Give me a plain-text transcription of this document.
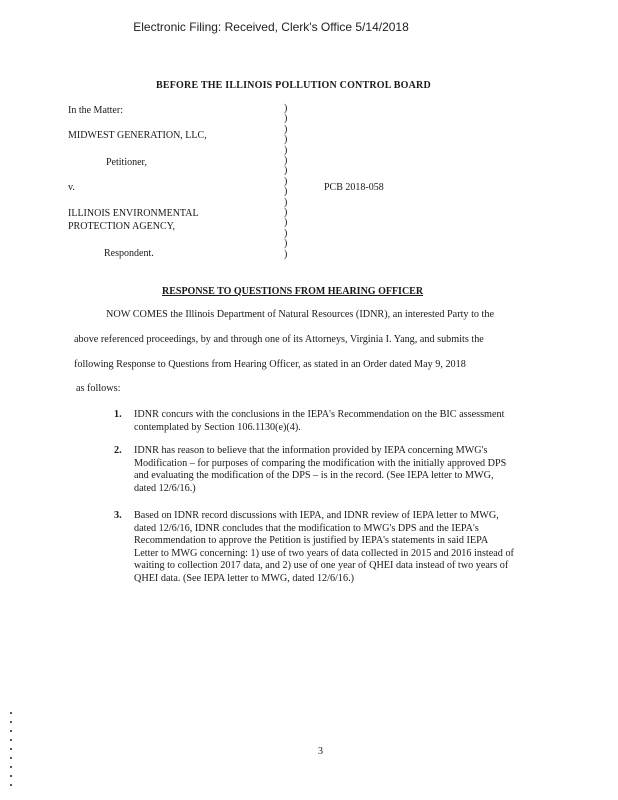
Electronic Filing: Received, Clerk's Office 5/14/2018
BEFORE THE ILLINOIS POLLUTION CONTROL BOARD
In the Matter:
MIDWEST GENERATION, LLC,
Petitioner,
v.
ILLINOIS ENVIRONMENTAL
PROTECTION AGENCY,
Respondent.
PCB 2018-058
)
)
)
)
)
)
)
)
)
)
)
)
)
)
)
RESPONSE TO QUESTIONS FROM HEARING OFFICER
NOW COMES the Illinois Department of Natural Resources (IDNR), an interested Party to the
above referenced proceedings, by and through one of its Attorneys, Virginia I. Yang, and submits the
following Response to Questions from Hearing Officer, as stated in an Order dated May 9, 2018
as follows:
1. IDNR concurs with the conclusions in the IEPA's Recommendation on the BIC assessment
contemplated by Section 106.1130(e)(4).
2. IDNR has reason to believe that the information provided by IEPA concerning MWG's
Modification – for purposes of comparing the modification with the initially approved DPS
and evaluating the modification of the DPS – is in the record. (See IEPA letter to MWG,
dated 12/6/16.)
3. Based on IDNR record discussions with IEPA, and IDNR review of IEPA letter to MWG,
dated 12/6/16, IDNR concludes that the modification to MWG's DPS and the IEPA's
Recommendation to approve the Petition is justified by IEPA's statements in said IEPA
Letter to MWG concerning: 1) use of two years of data collected in 2015 and 2016 instead of
waiting to collection 2017 data, and 2) use of one year of QHEI data instead of two years of
QHEI data. (See IEPA letter to MWG, dated 12/6/16.)
3
